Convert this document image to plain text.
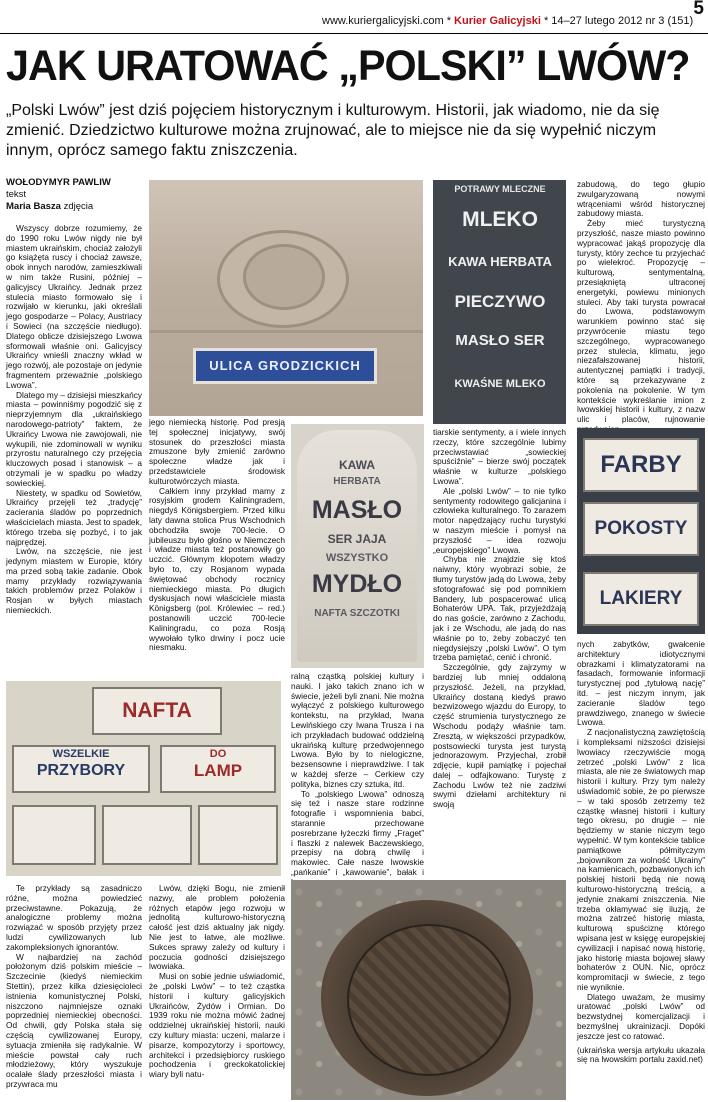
5
www.kuriergalicyjski.com * Kurier Galicyjski * 14–27 lutego 2012 nr 3 (151)
JAK URATOWAĆ „POLSKI” LWÓW?
„Polski Lwów” jest dziś pojęciem historycznym i kulturowym. Historii, jak wiadomo, nie da się zmienić. Dziedzictwo kulturowe można zrujnować, ale to miejsce nie da się wypełnić niczym innym, oprócz samego faktu zniszczenia.
WOŁODYMYR PAWLIW
tekst
Maria Basza zdjęcia

Wszyscy dobrze rozumiemy, że do 1990 roku Lwów nigdy nie był miastem ukraińskim, chociaż założyli go książęta ruscy i chociaż zawsze, obok innych narodów, zamieszkiwali w nim także Rusini, później – galicyjscy Ukraińcy. Jednak przez stulecia miasto formowało się i rozwijało w kierunku, jaki określali jego gospodarze – Polacy, Austriacy i Sowieci (na szczęście niedługo). Dlatego oblicze dzisiejszego Lwowa sformowali właśnie oni. Galicyjscy Ukraińcy wnieśli znaczny wkład w jego rozwój, ale pozostaje on jedynie fragmentem przeważnie „polskiego Lwowa”.

Dlatego my – dzisiejsi mieszkańcy miasta – powinniśmy pogodzić się z nieprzyjemnym dla „ukraińskiego narodowego-patrioty” faktem, że Ukraińcy Lwowa nie zawojowali, nie wykupili, nie zdominowali w wyniku przyrostu naturalnego czy przejęcia kluczowych posad i stanowisk – a otrzymali je w spadku po władzy sowieckiej.

Niestety, w spadku od Sowietów, Ukraińcy przejęli też „tradycję” zacierania śladów po poprzednich właścicielach miasta. Jest to spadek, którego trzeba się pozbyć, i to jak najprędzej.

Lwów, na szczęście, nie jest jedynym miastem w Europie, który ma przed sobą takie zadanie. Obok mamy przykłady rozwiązywania takich problemów przez Polaków i Rosjan w byłych miastach niemieckich.

ULICA GRODZICKICH
POTRAWY MLECZNE
MLEKO
KAWA HERBATA
PIECZYWO
MASŁO SER
KWAŚNE MLEKO

zabudową, do tego głupio zwulgaryzowaną nowymi wtrąceniami wśród historycznej zabudowy miasta.

Żeby mieć turystyczną przyszłość, nasze miasto powinno wypracować jakąś propozycję dla turysty, który zechce tu przyjechać po wielekroć. Propozycję – kulturową, sentymentalną, przesiąkniętą ultraconej energetyki, powiewu minionych stuleci. Aby taki turysta powracał do Lwowa, podstawowym warunkiem powinno stać się przywrócenie miastu tego szczególnego, wypracowanego przez stulecia, klimatu, jego niezafałszowanej historii, autentycznej pamiątki i tradycji, które są przekazywane z pokolenia na pokolenie. W tym kontekście wykreślanie imion z lwowskiej historii i kultury, z nazw ulic i placów, rujnowanie

jego niemiecką historię. Pod presją tej społecznej inicjatywy, swój stosunek do przeszłości miasta zmuszone były zmienić zarówno społeczne władze jak i przedstawiciele środowisk kulturotwórczych miasta.

Całkiem inny przykład mamy z rosyjskim grodem Kaliningradem, niegdyś Königsbergiem. Przed kilku laty dawna stolica Prus Wschodnich obchodziła swoje 700-lecie. O jubileuszu było głośno w Niemczech i władze miasta też postanowiły go uczcić. Głównym kłopotem władzy było to, czy Rosjanom wypada świętować obchody rocznicy niemieckiego miasta. Po długich dyskusjach nowi właściciele miasta Königsberg (pol. Królewiec – red.) postanowili uczcić 700-lecie Kaliningradu, co poza Rosją wywołało tylko drwiny i pocz ucie niesmaku.

KAWA
HERBATA
MASŁO
SER JAJA
WSZYSTKO
MYDŁO
NAFTA SZCZOTKI

tiarskie sentymenty, a i wiele innych rzeczy, które szczególnie lubimy przeciwstawiać „sowieckiej spuściźnie” – bierze swój początek właśnie w kulturze „polskiego Lwowa”.

Ale „polski Lwów” – to nie tylko sentymenty rodowitego galicjanina i człowieka kulturalnego. To zarazem motor napędzający ruchu turystyki w naszym mieście i pomysł na przyszłość – idea rozwoju „europejskiego” Lwowa.

Chyba nie znajdzie się ktoś naiwny, który wyobrazi sobie, że tłumy turystów jadą do Lwowa, żeby sfotografować się pod pomnikiem Bandery, lub pospacerować ulicą Bohaterów UPA. Tak, przyjeżdżają do nas goście, zarówno z Zachodu, jak i ze Wschodu, ale jadą do nas właśnie po to, żeby zobaczyć ten niegdysiejszy „polski Lwów”. O tym trzeba pamiętać, cenić i chronić.

Szczególnie, gdy zajrzymy w bardziej lub mniej oddaloną przyszłość. Jeżeli, na przykład, Ukraińcy dostaną kiedyś prawo bezwizowego wjazdu do Europy, to część strumienia turystycznego ze Wschodu podąży właśnie tam. Zresztą, w większości przypadków, postsowiecki turysta jest turystą jednorazowym. Przyjechał, zrobił zdjęcie, kupił pamiątkę i pojechał dalej – odfajkowano. Turystę z Zachodu Lwów też nie zadziwi swymi dziełami architektury ni swoją

FARBY
POKOSTY
LAKIERY

ralną cząstką polskiej kultury i nauki. I jako takich znano ich w świecie, jeżeli byli znani. Nie można wyłączyć z polskiego kulturowego kontekstu, na przykład, Iwana Lewińskiego czy Iwana Trusza i na ich przykładach budować oddzielną ukraińską kulturę przedwojennego Lwowa. Było by to nielogiczne, bezsensowne i nieprawdziwe. I tak w każdej sferze – Cerkiew czy polityka, biznes czy sztuka, itd.

To „polskiego Lwowa” odnoszą się też i nasze stare rodzinne fotografie i wspomnienia babci, starannie przechowane posrebrzane łyżeczki firmy „Fraget” i flaszki z nalewek Baczewskiego, przepisy na dobrą chwilę i makowiec. Całe nasze lwowskie „pańkanie” i „kawowanie”, bałak i

NAFTA
WSZELKIE
PRZYBORY
DO
LAMP

nych zabytków, gwałcenie architektury idiotycznymi obrazkami i klimatyzatorami na fasadach, formowanie informacji turystycznej pod „tytułową nację” itd. – jest niczym innym, jak zacieranie śladów tego prawdziwego, znanego w świecie Lwowa.

Z nacjonalistyczną zawziętością i kompleksami niższości dzisiejsi lwowiacy rzeczywiście mogą zetrzeć „polski Lwów” z lica miasta, ale nie ze światowych map historii i kultury. Przy tym należy uświadomić sobie, że po pierwsze – w taki sposób zetrzemy też cząstkę własnej historii i kultury tego okresu, po drugie – nie będziemy w stanie niczym tego wypełnić. W tym kontekście tablice pamiątkowe półmityczym „bojownikom za wolność Ukrainy” na kamienicach, pozbawionych ich polskiej historii będą nie nową kulturowo-historyczną treścią, a jedynie znakami zniszczenia. Nie trzeba okłamywać się iluzją, że można zatrzeć historię miasta, kulturową spuściznę którego wpisana jest w księgę europejskiej cywilizacji i napisać nową historię, jako historię miasta bojowej sławy bohaterów z OUN. Nic, oprócz kompromitacji w świecie, z tego nie wyniknie.

Dlatego uważam, że musimy uratować „polski Lwów” od bezwstydnej komercjalizacji i bezmyślnej ukrainizacji. Dopóki jeszcze jest co ratować.

(ukraińska wersja artykułu ukazała się na lwowskim portalu zaxid.net)

Te przykłady są zasadniczo różne, można powiedzieć przeciwstawne. Pokazują, że analogiczne problemy można rozwiązać w sposób przyjęty przez ludzi cywilizowanych lub zakompleksionych ignorantów.

W najbardziej na zachód położonym dziś polskim mieście – Szczecinie (kiedyś niemieckim Stettin), przez kilka dziesięcioleci istnienia komunistycznej Polski, niszczono najmniejsze oznaki poprzedniej niemieckiej obecności. Od chwili, gdy Polska stała się częścią cywilizowanej Europy, sytuacja zmieniła się radykalnie. W mieście powstał cały ruch młodzieżowy, który wyszukuje ocalałe ślady przeszłości miasta i przywraca mu

Lwów, dzięki Bogu, nie zmienił nazwy, ale problem położenia różnych etapów jego rozwoju w jednolitą kulturowo-historyczną całość jest dziś aktualny jak nigdy. Nie jest to łatwe, ale możliwe. Sukces sprawy zależy od kultury i poczucia godności dzisiejszego lwowiaka.

Musi on sobie jednie uświadomić, że „polski Lwów” – to też cząstka historii i kultury galicyjskich Ukraińców, Żydów i Ormian. Do 1939 roku nie można mówić żadnej oddzielnej ukraińskiej historii, nauki czy kultury miasta: uczeni, malarze i pisarze, kompozytorzy i sportowcy, architekci i przedsiębiorcy ruskiego pochodzenia i greckokatolickiej wiary byli natu-
